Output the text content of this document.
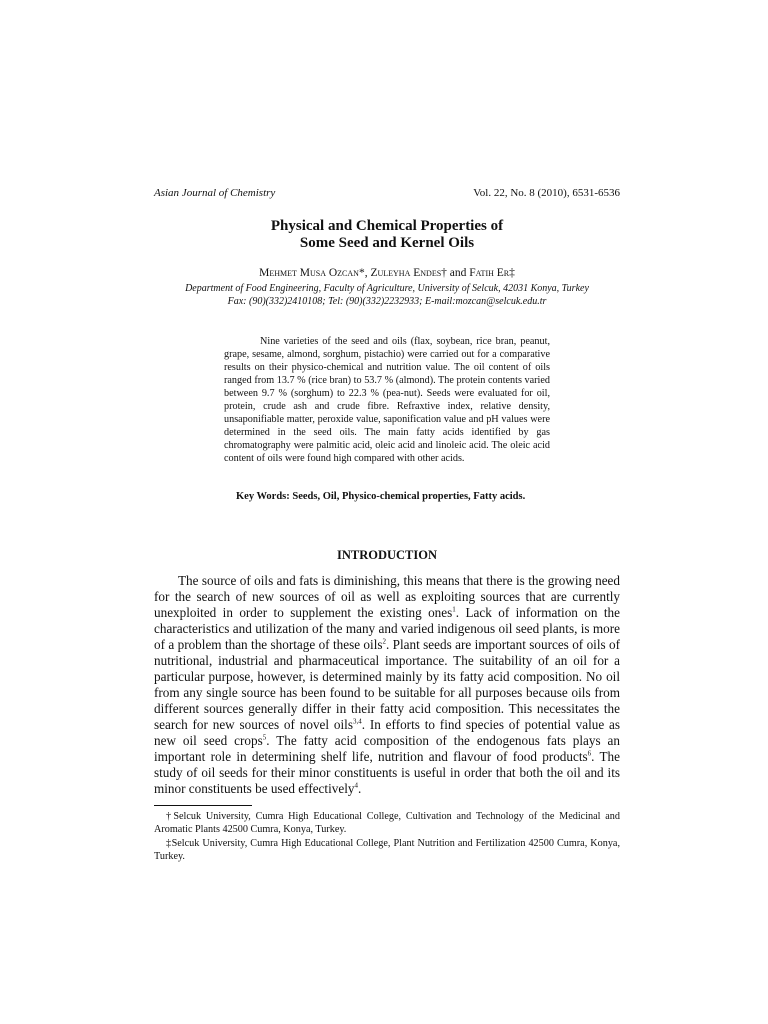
Asian Journal of Chemistry	Vol. 22, No. 8 (2010), 6531-6536
Physical and Chemical Properties of
Some Seed and Kernel Oils
Mehmet Musa Ozcan*, Zuleyha Endes† and Fatih Er‡
Department of Food Engineering, Faculty of Agriculture, University of Selcuk, 42031 Konya, Turkey
Fax: (90)(332)2410108; Tel: (90)(332)2232933; E-mail:mozcan@selcuk.edu.tr
Nine varieties of the seed and oils (flax, soybean, rice bran, peanut, grape, sesame, almond, sorghum, pistachio) were carried out for a comparative results on their physico-chemical and nutrition value. The oil content of oils ranged from 13.7 % (rice bran) to 53.7 % (almond). The protein contents varied between 9.7 % (sorghum) to 22.3 % (pea-nut). Seeds were evaluated for oil, protein, crude ash and crude fibre. Refraxtive index, relative density, unsaponifiable matter, peroxide value, saponification value and pH values were determined in the seed oils. The main fatty acids identified by gas chromatography were palmitic acid, oleic acid and linoleic acid. The oleic acid content of oils were found high compared with other acids.
Key Words: Seeds, Oil, Physico-chemical properties, Fatty acids.
INTRODUCTION
The source of oils and fats is diminishing, this means that there is the growing need for the search of new sources of oil as well as exploiting sources that are currently unexploited in order to supplement the existing ones$^1$. Lack of information on the characteristics and utilization of the many and varied indigenous oil seed plants, is more of a problem than the shortage of these oils$^2$. Plant seeds are important sources of oils of nutritional, industrial and pharmaceutical importance. The suitability of an oil for a particular purpose, however, is determined mainly by its fatty acid composition. No oil from any single source has been found to be suitable for all purposes because oils from different sources generally differ in their fatty acid composition. This necessitates the search for new sources of novel oils$^{3,4}$. In efforts to find species of potential value as new oil seed crops$^5$. The fatty acid composition of the endogenous fats plays an important role in determining shelf life, nutrition and flavour of food products$^6$. The study of oil seeds for their minor constituents is useful in order that both the oil and its minor constituents be used effectively$^4$.

†Selcuk University, Cumra High Educational College, Cultivation and Technology of the Medicinal and Aromatic Plants 42500 Cumra, Konya, Turkey.

‡Selcuk University, Cumra High Educational College, Plant Nutrition and Fertilization 42500 Cumra, Konya, Turkey.
